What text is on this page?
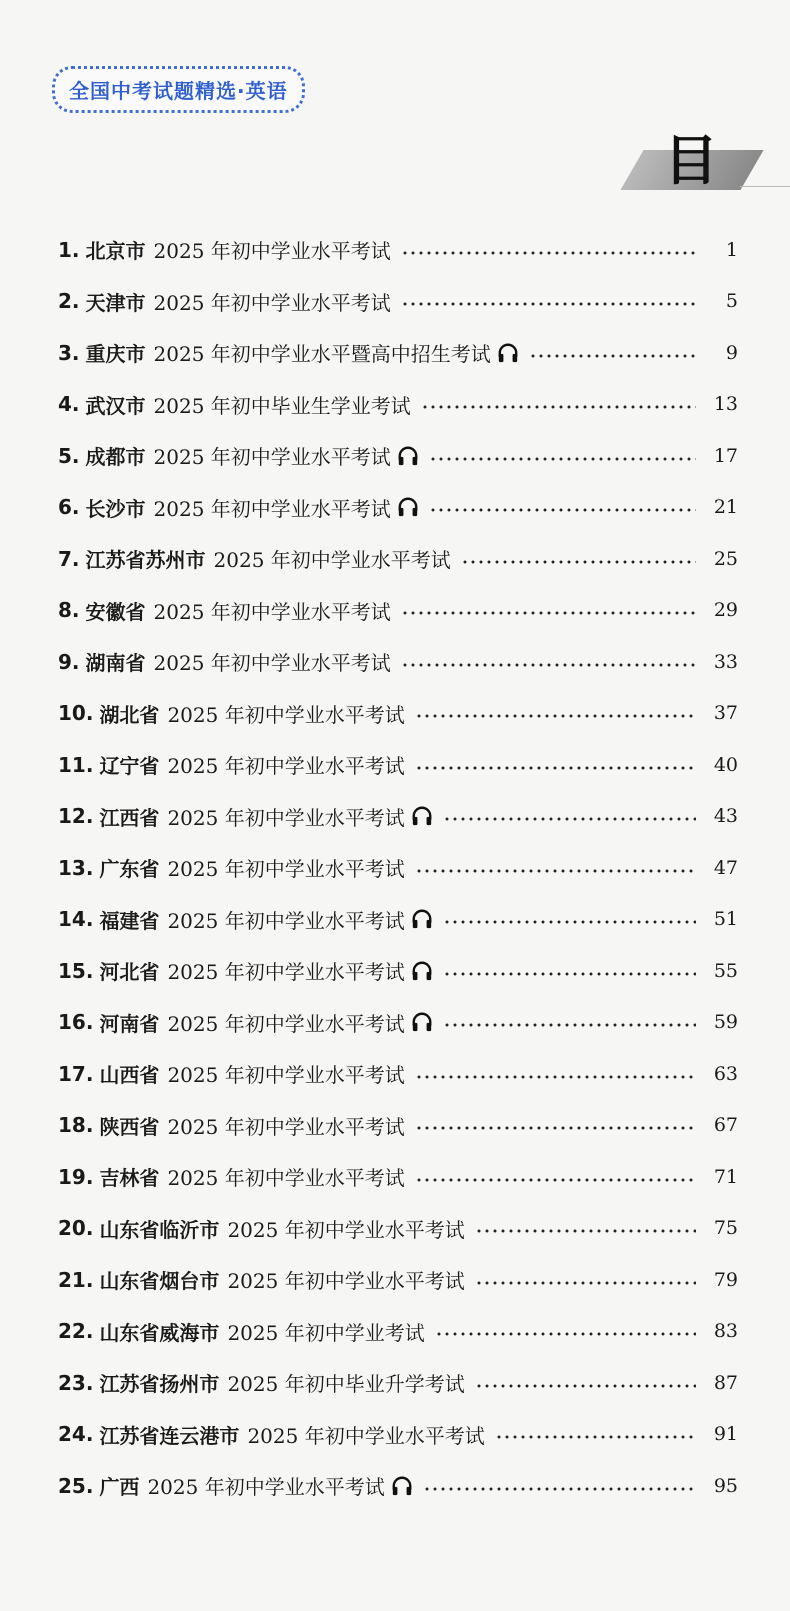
全国中考试题精选·英语
目
1. 北京市 2025 年初中学业水平考试	1
2. 天津市 2025 年初中学业水平考试	5
3. 重庆市 2025 年初中学业水平暨高中招生考试	9
4. 武汉市 2025 年初中毕业生学业考试	13
5. 成都市 2025 年初中学业水平考试	17
6. 长沙市 2025 年初中学业水平考试	21
7. 江苏省苏州市 2025 年初中学业水平考试	25
8. 安徽省 2025 年初中学业水平考试	29
9. 湖南省 2025 年初中学业水平考试	33
10. 湖北省 2025 年初中学业水平考试	37
11. 辽宁省 2025 年初中学业水平考试	40
12. 江西省 2025 年初中学业水平考试	43
13. 广东省 2025 年初中学业水平考试	47
14. 福建省 2025 年初中学业水平考试	51
15. 河北省 2025 年初中学业水平考试	55
16. 河南省 2025 年初中学业水平考试	59
17. 山西省 2025 年初中学业水平考试	63
18. 陕西省 2025 年初中学业水平考试	67
19. 吉林省 2025 年初中学业水平考试	71
20. 山东省临沂市 2025 年初中学业水平考试	75
21. 山东省烟台市 2025 年初中学业水平考试	79
22. 山东省威海市 2025 年初中学业考试	83
23. 江苏省扬州市 2025 年初中毕业升学考试	87
24. 江苏省连云港市 2025 年初中学业水平考试	91
25. 广西 2025 年初中学业水平考试	95
